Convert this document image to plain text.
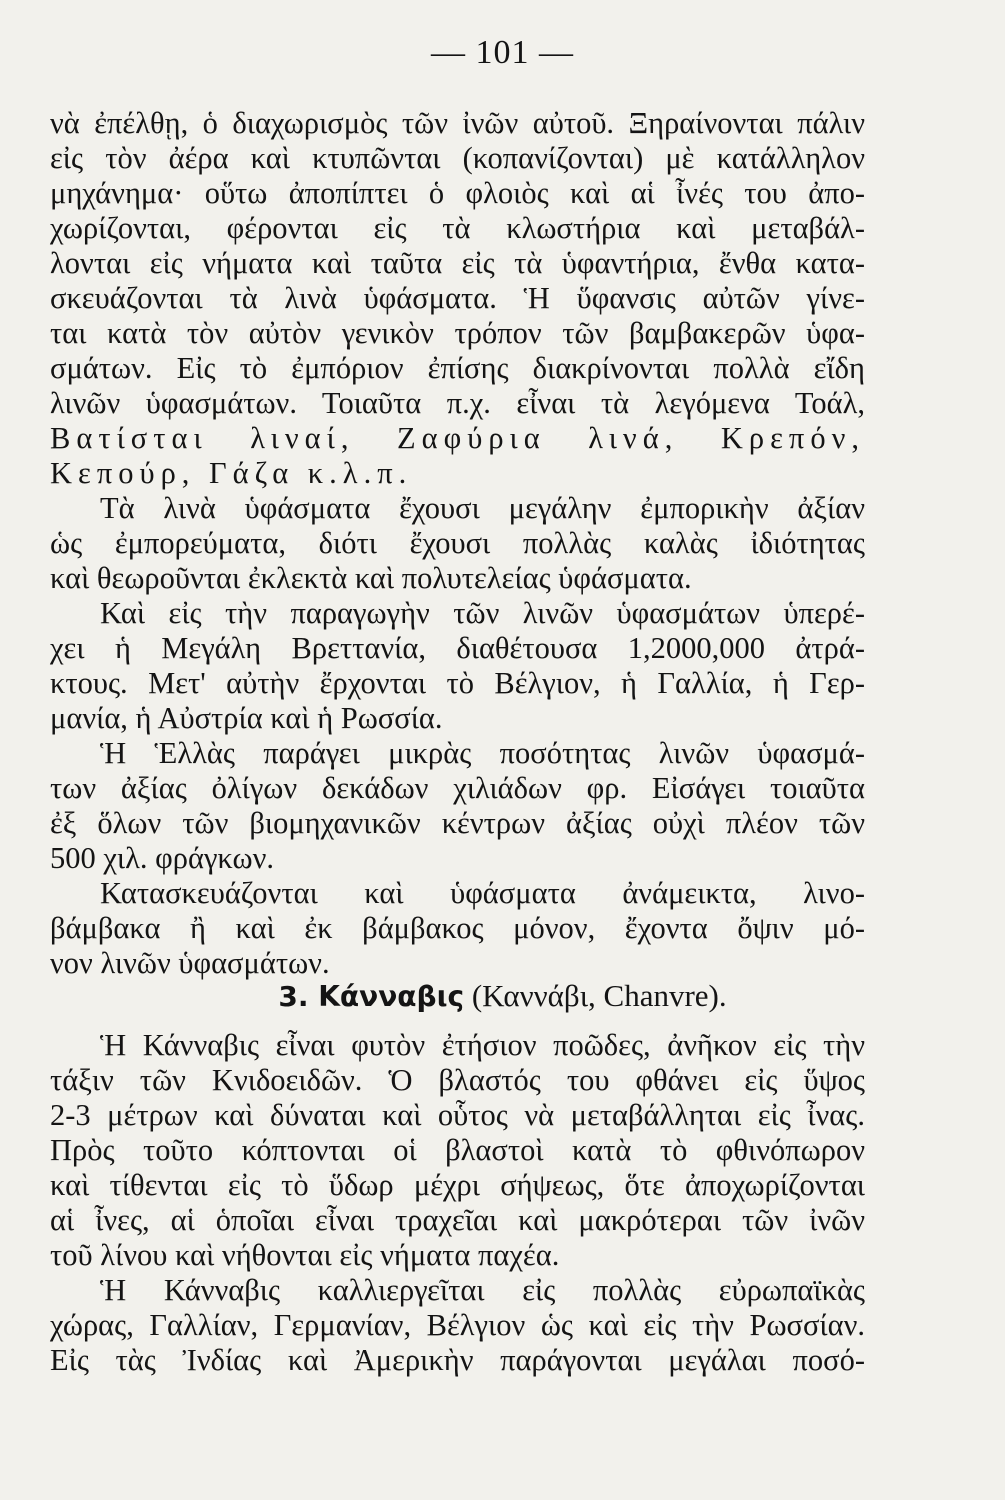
— 101 —
νὰ ἐπέλθῃ, ὁ διαχωρισμὸς τῶν ἰνῶν αὐτοῦ. Ξηραίνονται πάλιν
εἰς τὸν ἀέρα καὶ κτυπῶνται (κοπανίζονται) μὲ κατάλληλον
μηχάνημα· οὕτω ἀποπίπτει ὁ φλοιὸς καὶ αἱ ἶνές του ἀπο-
χωρίζονται, φέρονται εἰς τὰ κλωστήρια καὶ μεταβάλ-
λονται εἰς νήματα καὶ ταῦτα εἰς τὰ ὑφαντήρια, ἔνθα κατα-
σκευάζονται τὰ λινὰ ὑφάσματα. Ἡ ὕφανσις αὐτῶν γίνε-
ται κατὰ τὸν αὐτὸν γενικὸν τρόπον τῶν βαμβακερῶν ὑφα-
σμάτων. Εἰς τὸ ἐμπόριον ἐπίσης διακρίνονται πολλὰ εἴδη
λινῶν ὑφασμάτων. Τοιαῦτα π.χ. εἶναι τὰ λεγόμενα Τοάλ,
Βατίσται λιναί, Ζαφύρια λινά, Κρεπόν,
Κεπούρ, Γάζα κ.λ.π.
Τὰ λινὰ ὑφάσματα ἔχουσι μεγάλην ἐμπορικὴν ἀξίαν
ὡς ἐμπορεύματα, διότι ἔχουσι πολλὰς καλὰς ἰδιότητας
καὶ θεωροῦνται ἐκλεκτὰ καὶ πολυτελείας ὑφάσματα.
Καὶ εἰς τὴν παραγωγὴν τῶν λινῶν ὑφασμάτων ὑπερέ-
χει ἡ Μεγάλη Βρεττανία, διαθέτουσα 1,2000,000 ἀτρά-
κτους. Μετ' αὐτὴν ἔρχονται τὸ Βέλγιον, ἡ Γαλλία, ἡ Γερ-
μανία, ἡ Αὐστρία καὶ ἡ Ρωσσία.
Ἡ Ἑλλὰς παράγει μικρὰς ποσότητας λινῶν ὑφασμά-
των ἀξίας ὀλίγων δεκάδων χιλιάδων φρ. Εἰσάγει τοιαῦτα
ἐξ ὅλων τῶν βιομηχανικῶν κέντρων ἀξίας οὐχὶ πλέον τῶν
500 χιλ. φράγκων.
Κατασκευάζονται καὶ ὑφάσματα ἀνάμεικτα, λινο-
βάμβακα ἢ καὶ ἐκ βάμβακος μόνον, ἔχοντα ὄψιν μό-
νον λινῶν ὑφασμάτων.
3. Κάνναβις (Καννάβι, Chanvre).
Ἡ Κάνναβις εἶναι φυτὸν ἐτήσιον ποῶδες, ἀνῆκον εἰς τὴν
τάξιν τῶν Κνιδοειδῶν. Ὁ βλαστός του φθάνει εἰς ὕψος
2-3 μέτρων καὶ δύναται καὶ οὗτος νὰ μεταβάλληται εἰς ἶνας.
Πρὸς τοῦτο κόπτονται οἱ βλαστοὶ κατὰ τὸ φθινόπωρον
καὶ τίθενται εἰς τὸ ὕδωρ μέχρι σήψεως, ὅτε ἀποχωρίζονται
αἱ ἶνες, αἱ ὁποῖαι εἶναι τραχεῖαι καὶ μακρότεραι τῶν ἰνῶν
τοῦ λίνου καὶ νήθονται εἰς νήματα παχέα.
Ἡ Κάνναβις καλλιεργεῖται εἰς πολλὰς εὐρωπαϊκὰς
χώρας, Γαλλίαν, Γερμανίαν, Βέλγιον ὡς καὶ εἰς τὴν Ρωσσίαν.
Εἰς τὰς Ἰνδίας καὶ Ἀμερικὴν παράγονται μεγάλαι ποσό-
